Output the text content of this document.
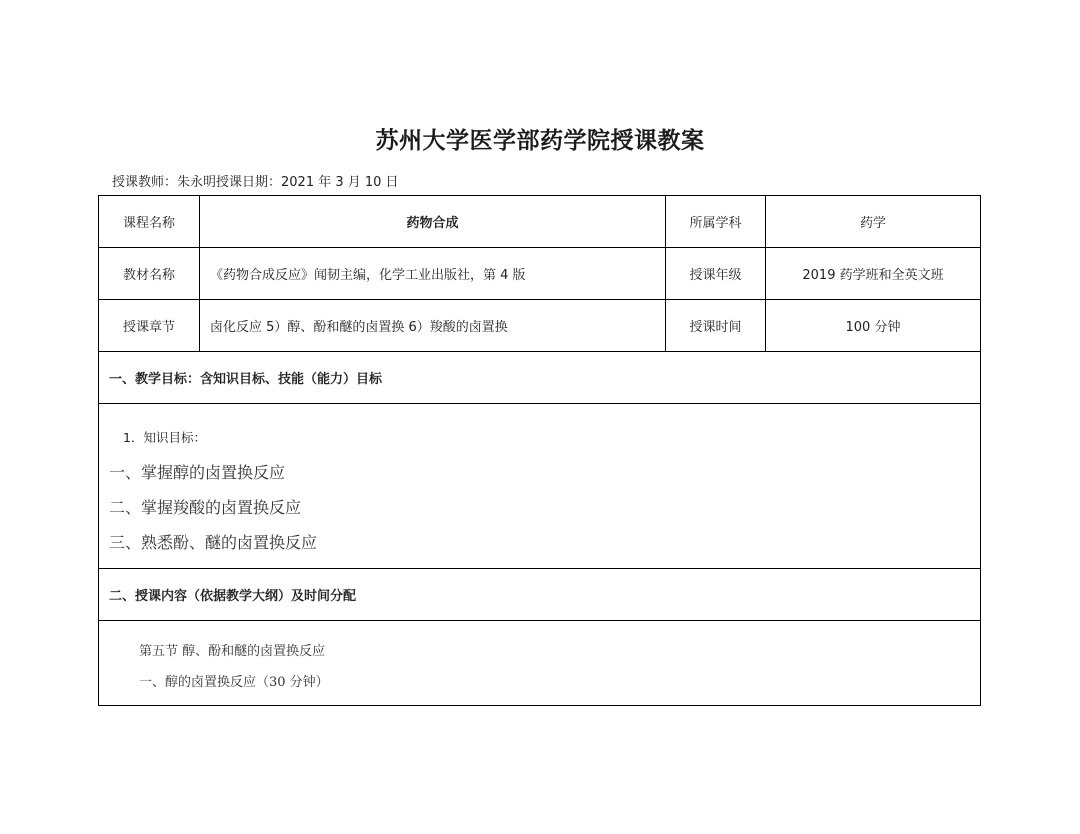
苏州大学医学部药学院授课教案
授课教师：朱永明授课日期：2021 年 3 月 10 日
课程名称	药物合成	所属学科	药学
教材名称	《药物合成反应》闻韧主编，化学工业出版社，第 4 版	授课年级	2019 药学班和全英文班
授课章节	卤化反应 5）醇、酚和醚的卤置换 6）羧酸的卤置换	授课时间	100 分钟
一、教学目标：含知识目标、技能（能力）目标			

1．知识目标：
一、掌握醇的卤置换反应
二、掌握羧酸的卤置换反应
三、熟悉酚、醚的卤置换反应			

二、授课内容（依据教学大纲）及时间分配			

第五节 醇、酚和醚的卤置换反应
一、醇的卤置换反应（30 分钟）			
